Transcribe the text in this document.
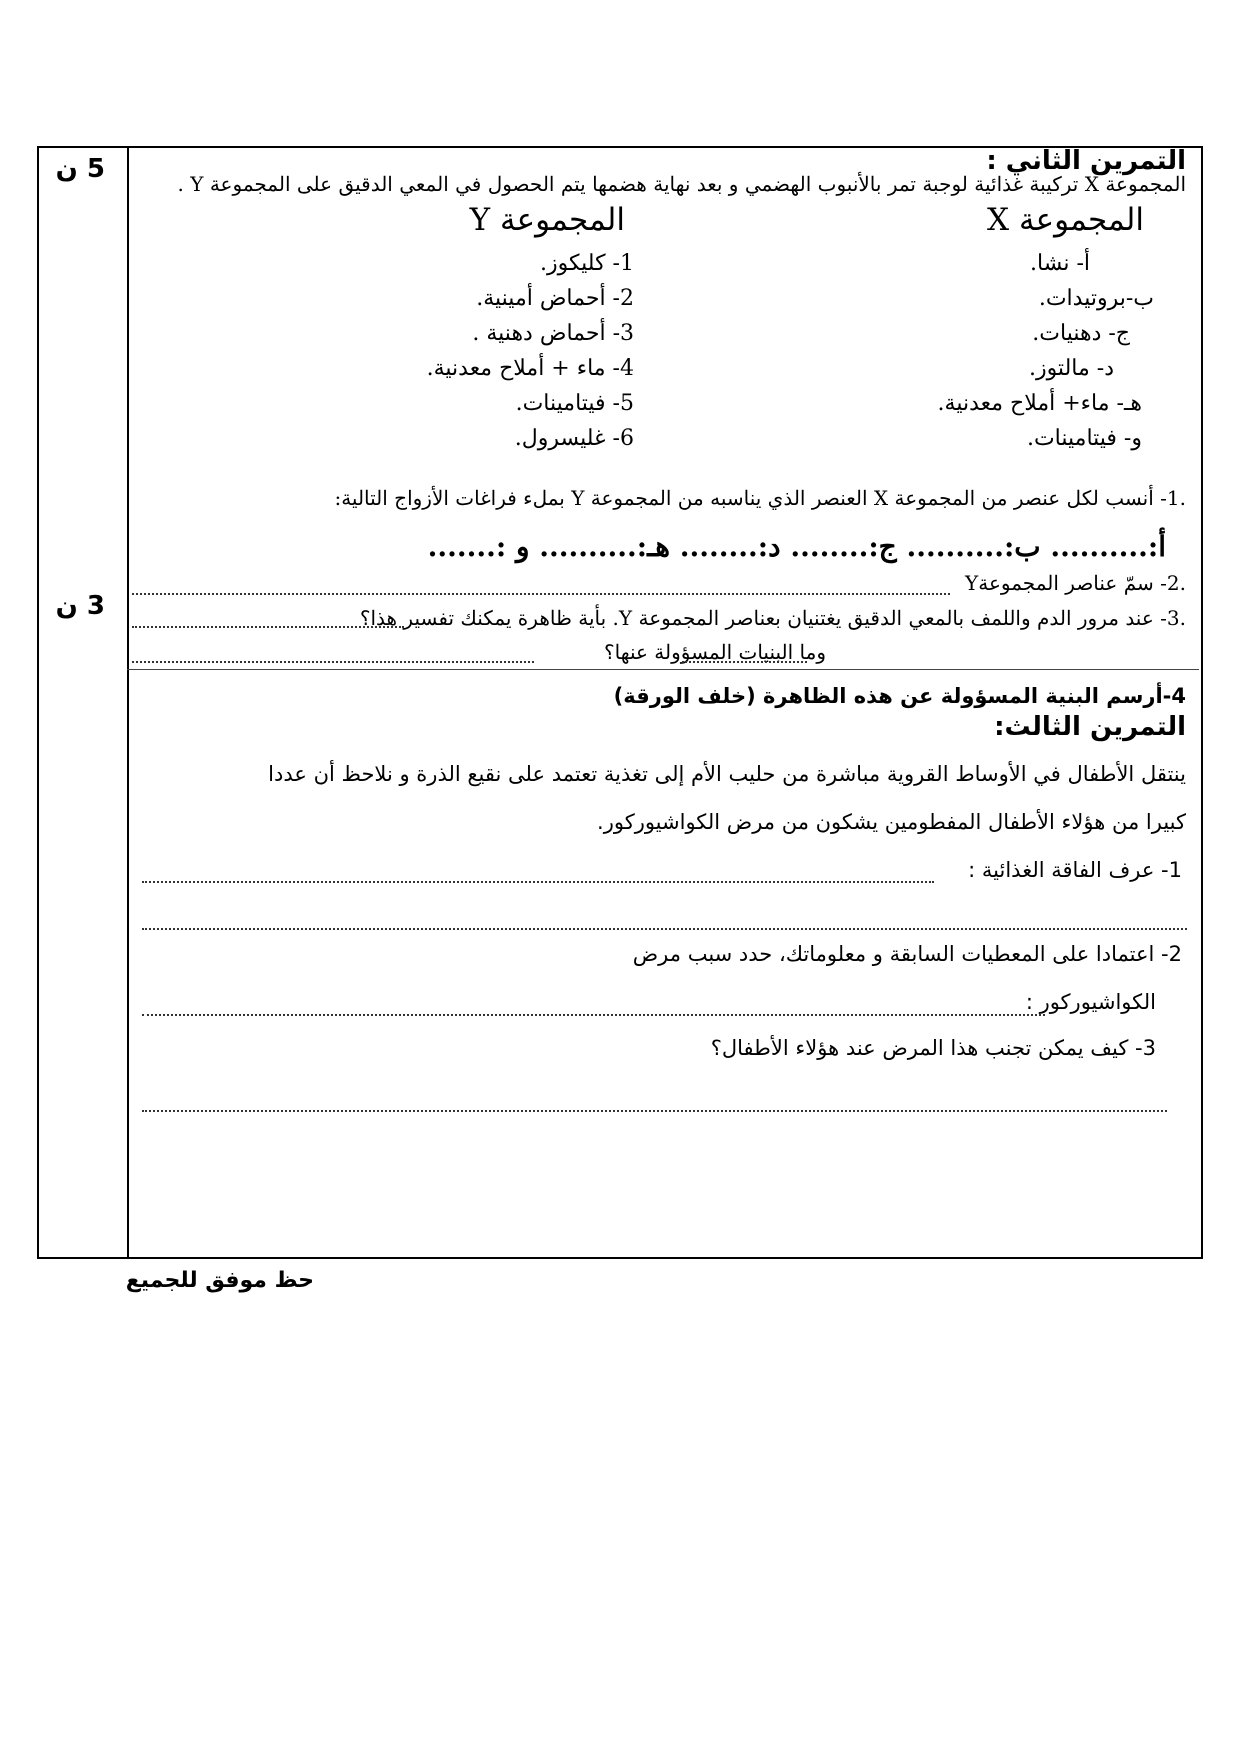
5 ن
3 ن
التمرين الثاني :
المجموعة X تركيبة غذائية لوجبة تمر بالأنبوب الهضمي و بعد نهاية هضمها يتم الحصول في المعي الدقيق على المجموعة Y .
المجموعة X
المجموعة Y
أ- نشا.
ب-بروتيدات.
ج- دهنيات.
د- مالتوز.
هـ- ماء+ أملاح معدنية.
و- فيتامينات.
1- كليكوز.
2- أحماض أمينية.
3- أحماض دهنية .
4- ماء + أملاح معدنية.
5- فيتامينات.
6- غليسرول.
.1- أنسب لكل عنصر من المجموعة X العنصر الذي يناسبه من المجموعة Y بملء فراغات الأزواج التالية:
أ:.......... ب:.......... ج:........ د:........ هـ:.......... و :.......
.2- سمّ عناصر المجموعةY
.3- عند مرور الدم واللمف بالمعي الدقيق يغتنيان بعناصر المجموعة Y. بأية ظاهرة يمكنك تفسير هذا؟
وما البنيات المسؤولة عنها؟
4-أرسم البنية المسؤولة عن هذه الظاهرة (خلف الورقة)
التمرين الثالث:
ينتقل الأطفال في الأوساط القروية مباشرة من حليب الأم إلى تغذية تعتمد على نقيع الذرة و نلاحظ أن عددا
كبيرا من هؤلاء الأطفال المفطومين يشكون من مرض الكواشيوركور.
1- عرف الفاقة الغذائية :
2- اعتمادا على المعطيات السابقة و معلوماتك، حدد سبب مرض
الكواشيوركور :
3- كيف يمكن تجنب هذا المرض عند هؤلاء الأطفال؟
حظ موفق للجميع
